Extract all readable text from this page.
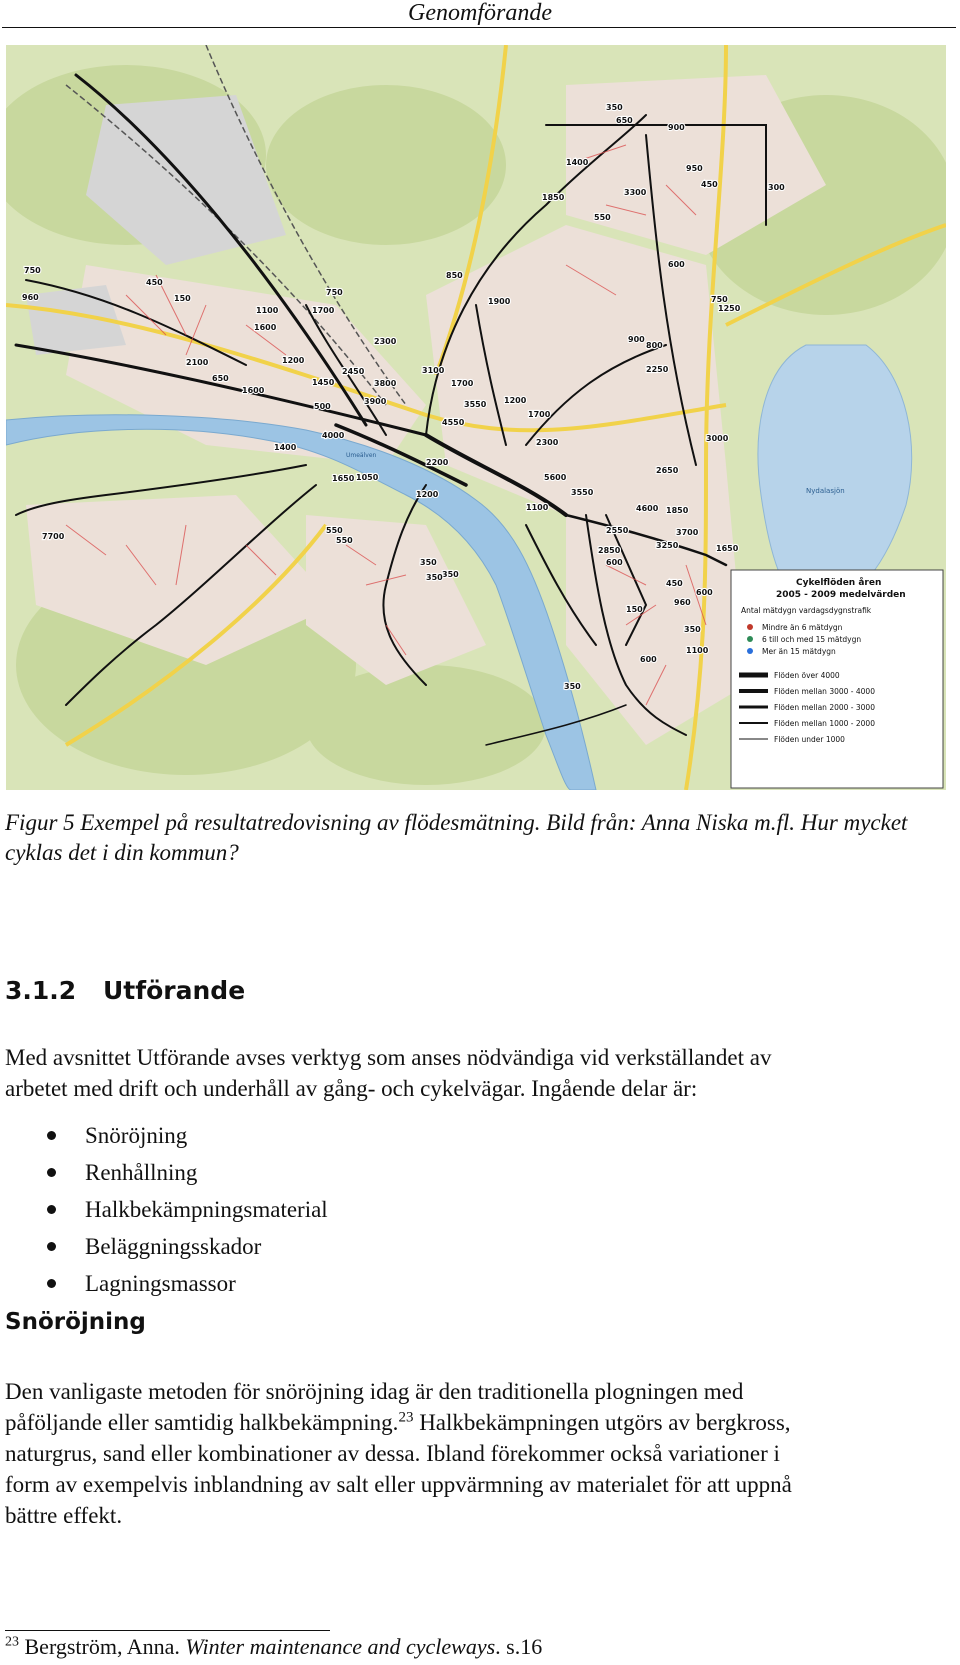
Genomförande
Nydalasjön
Umeälven
750
960
450
150
1100
1600
750
1700
2100
650
1600
1200
2300
1450
2450	3100
1700
3800
3900
500
4000
3550 1200
4550
1700
1400
1650 1050
2200
1200
1100
2300
5600
3550
2650
1850
4600
3700
3250
2550
2850
600
1650
450
960
600
150
350
1100
600
350
350
350
1400
1850
3300
550
350
650
900
950
450	300
850
1900
600
750
1250
900
800
2250
3000
7700
550
550
350
Cykelflöden åren
2005 - 2009 medelvärden
Antal mätdygn vardagsdygnstrafik
Mindre än 6 mätdygn
6 till och med 15 mätdygn
Mer än 15 mätdygn
Flöden över 4000
Flöden mellan 3000 - 4000
Flöden mellan 2000 - 3000
Flöden mellan 1000 - 2000
Flöden under 1000
Figur 5 Exempel på resultatredovisning av flödesmätning. Bild från: Anna Niska m.fl. Hur mycket
cyklas det i din kommun?
3.1.2 Utförande
Med avsnittet Utförande avses verktyg som anses nödvändiga vid verkställandet av
arbetet med drift och underhåll av gång- och cykelvägar. Ingående delar är:
Snöröjning
Renhållning
Halkbekämpningsmaterial
Beläggningsskador
Lagningsmassor
Snöröjning
Den vanligaste metoden för snöröjning idag är den traditionella plogningen med
påföljande eller samtidig halkbekämpning.$^{23}$ Halkbekämpningen utgörs av bergkross,
naturgrus, sand eller kombinationer av dessa. Ibland förekommer också variationer i
form av exempelvis inblandning av salt eller uppvärmning av materialet för att uppnå
bättre effekt.
$^{23}$ Bergström, Anna. Winter maintenance and cycleways. s.16
